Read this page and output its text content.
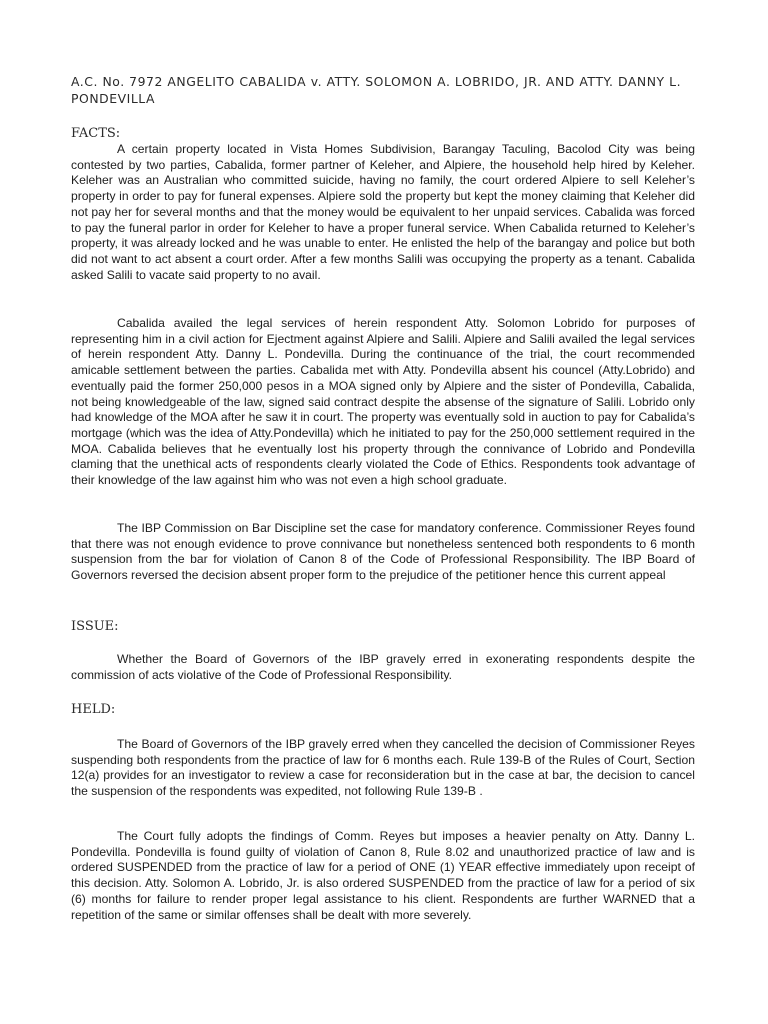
A.C. No. 7972 ANGELITO CABALIDA v. ATTY. SOLOMON A. LOBRIDO, JR. AND ATTY. DANNY L. PONDEVILLA
FACTS:
A certain property located in Vista Homes Subdivision, Barangay Taculing, Bacolod City was being contested by two parties, Cabalida, former partner of Keleher, and Alpiere, the household help hired by Keleher. Keleher was an Australian who committed suicide, having no family, the court ordered Alpiere to sell Keleher’s property in order to pay for funeral expenses. Alpiere sold the property but kept the money claiming that Keleher did not pay her for several months and that the money would be equivalent to her unpaid services. Cabalida was forced to pay the funeral parlor in order for Keleher to have a proper funeral service. When Cabalida returned to Keleher’s property, it was already locked and he was unable to enter. He enlisted the help of the barangay and police but both did not want to act absent a court order. After a few months Salili was occupying the property as a tenant. Cabalida asked Salili to vacate said property to no avail.
Cabalida availed the legal services of herein respondent Atty. Solomon Lobrido for purposes of representing him in a civil action for Ejectment against Alpiere and Salili. Alpiere and Salili availed the legal services of herein respondent Atty. Danny L. Pondevilla. During the continuance of the trial, the court recommended amicable settlement between the parties. Cabalida met with Atty. Pondevilla absent his councel (Atty.Lobrido) and eventually paid the former 250,000 pesos in a MOA signed only by Alpiere and the sister of Pondevilla, Cabalida, not being knowledgeable of the law, signed said contract despite the absense of the signature of Salili. Lobrido only had knowledge of the MOA after he saw it in court. The property was eventually sold in auction to pay for Cabalida’s mortgage (which was the idea of Atty.Pondevilla) which he initiated to pay for the 250,000 settlement required in the MOA. Cabalida believes that he eventually lost his property through the connivance of Lobrido and Pondevilla claming that the unethical acts of respondents clearly violated the Code of Ethics. Respondents took advantage of their knowledge of the law against him who was not even a high school graduate.
The IBP Commission on Bar Discipline set the case for mandatory conference. Commissioner Reyes found that there was not enough evidence to prove connivance but nonetheless sentenced both respondents to 6 month suspension from the bar for violation of Canon 8 of the Code of Professional Responsibility. The IBP Board of Governors reversed the decision absent proper form to the prejudice of the petitioner hence this current appeal
ISSUE:
Whether the Board of Governors of the IBP gravely erred in exonerating respondents despite the commission of acts violative of the Code of Professional Responsibility.
HELD:
The Board of Governors of the IBP gravely erred when they cancelled the decision of Commissioner Reyes suspending both respondents from the practice of law for 6 months each. Rule 139-B of the Rules of Court, Section 12(a) provides for an investigator to review a case for reconsideration but in the case at bar, the decision to cancel the suspension of the respondents was expedited, not following Rule 139-B .
The Court fully adopts the findings of Comm. Reyes but imposes a heavier penalty on Atty. Danny L. Pondevilla. Pondevilla is found guilty of violation of Canon 8, Rule 8.02 and unauthorized practice of law and is ordered SUSPENDED from the practice of law for a period of ONE (1) YEAR effective immediately upon receipt of this decision. Atty. Solomon A. Lobrido, Jr. is also ordered SUSPENDED from the practice of law for a period of six (6) months for failure to render proper legal assistance to his client. Respondents are further WARNED that a repetition of the same or similar offenses shall be dealt with more severely.
